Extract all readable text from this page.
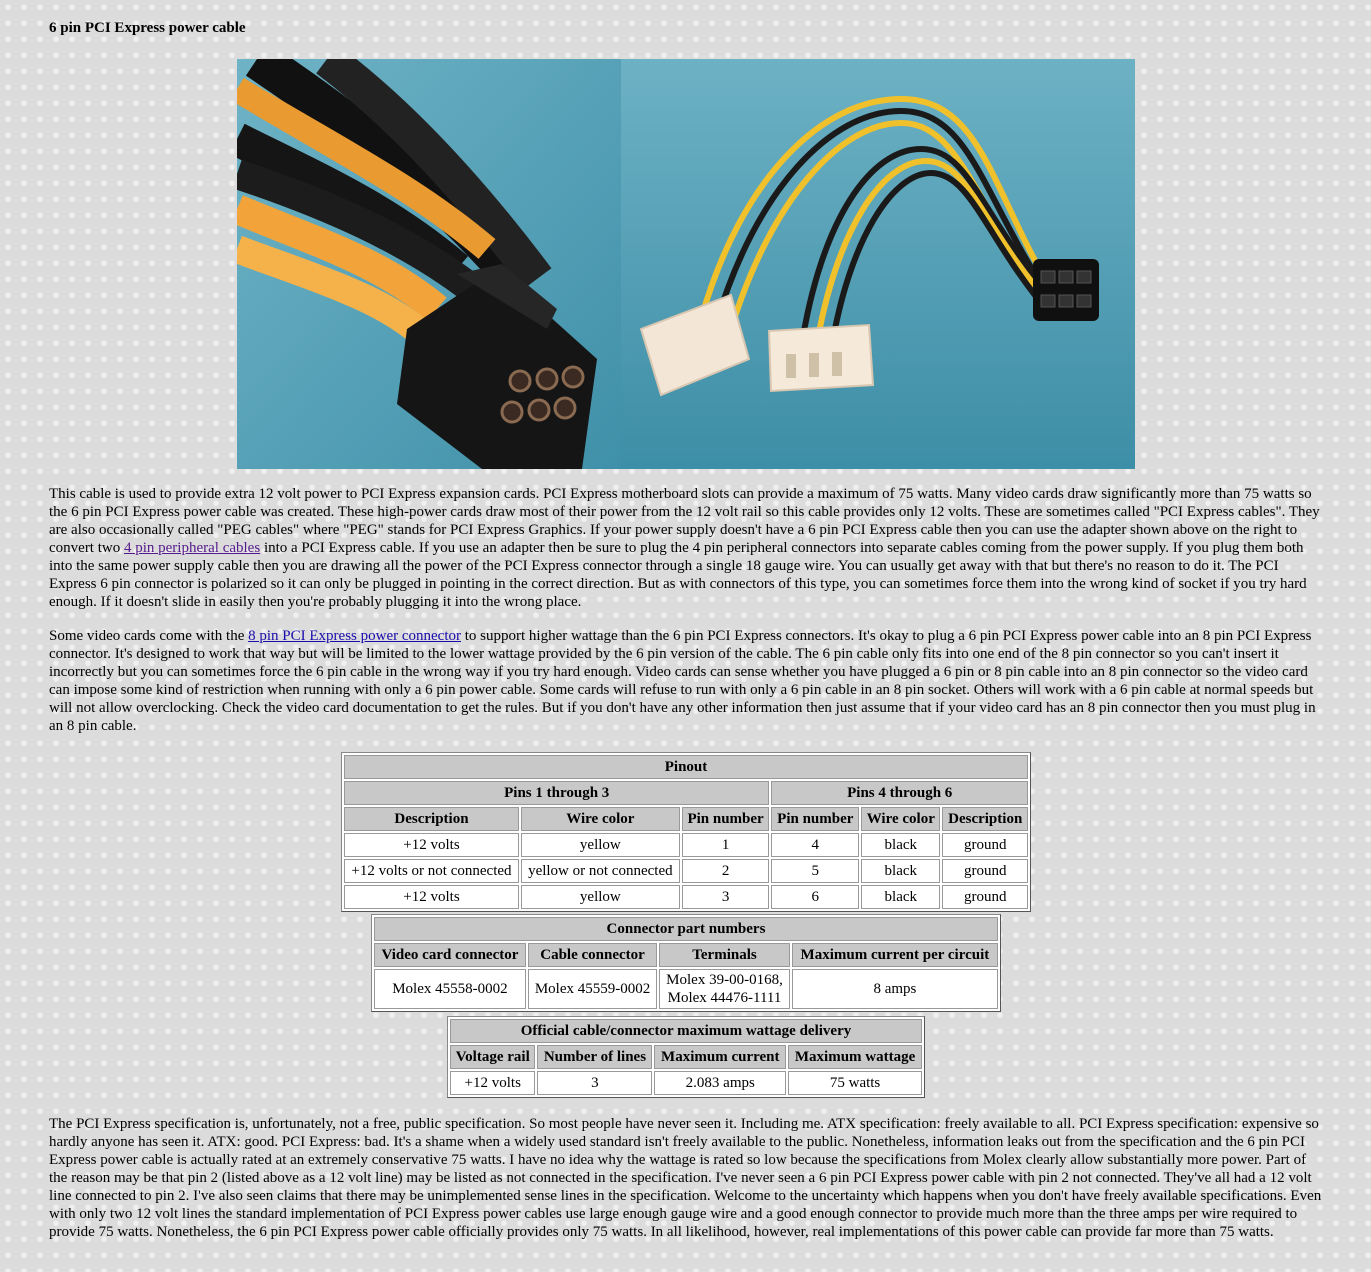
6 pin PCI Express power cable

This cable is used to provide extra 12 volt power to PCI Express expansion cards. PCI Express motherboard slots can provide a maximum of 75 watts. Many video cards draw significantly more than 75 watts so the 6 pin PCI Express power cable was created. These high-power cards draw most of their power from the 12 volt rail so this cable provides only 12 volts. These are sometimes called "PCI Express cables". They are also occasionally called "PEG cables" where "PEG" stands for PCI Express Graphics. If your power supply doesn't have a 6 pin PCI Express cable then you can use the adapter shown above on the right to convert two 4 pin peripheral cables into a PCI Express cable. If you use an adapter then be sure to plug the 4 pin peripheral connectors into separate cables coming from the power supply. If you plug them both into the same power supply cable then you are drawing all the power of the PCI Express connector through a single 18 gauge wire. You can usually get away with that but there's no reason to do it. The PCI Express 6 pin connector is polarized so it can only be plugged in pointing in the correct direction. But as with connectors of this type, you can sometimes force them into the wrong kind of socket if you try hard enough. If it doesn't slide in easily then you're probably plugging it into the wrong place.

Some video cards come with the 8 pin PCI Express power connector to support higher wattage than the 6 pin PCI Express connectors. It's okay to plug a 6 pin PCI Express power cable into an 8 pin PCI Express connector. It's designed to work that way but will be limited to the lower wattage provided by the 6 pin version of the cable. The 6 pin cable only fits into one end of the 8 pin connector so you can't insert it incorrectly but you can sometimes force the 6 pin cable in the wrong way if you try hard enough. Video cards can sense whether you have plugged a 6 pin or 8 pin cable into an 8 pin connector so the video card can impose some kind of restriction when running with only a 6 pin power cable. Some cards will refuse to run with only a 6 pin cable in an 8 pin socket. Others will work with a 6 pin cable at normal speeds but will not allow overclocking. Check the video card documentation to get the rules. But if you don't have any other information then just assume that if your video card has an 8 pin connector then you must plug in an 8 pin cable.

Pinout					
Pins 1 through 3			Pins 4 through 6		
Description	Wire color	Pin number	Pin number	Wire color	Description
+12 volts	yellow	1	4	black	ground
+12 volts or not connected	yellow or not connected	2	5	black	ground
+12 volts	yellow	3	6	black	ground
Connector part numbers			
Video card connector	Cable connector	Terminals	Maximum current per circuit
Molex 45558-0002	Molex 45559-0002	Molex 39-00-0168,
Molex 44476-1111	8 amps
Official cable/connector maximum wattage delivery			
Voltage rail	Number of lines	Maximum current	Maximum wattage
+12 volts	3	2.083 amps	75 watts

The PCI Express specification is, unfortunately, not a free, public specification. So most people have never seen it. Including me. ATX specification: freely available to all. PCI Express specification: expensive so hardly anyone has seen it. ATX: good. PCI Express: bad. It's a shame when a widely used standard isn't freely available to the public. Nonetheless, information leaks out from the specification and the 6 pin PCI Express power cable is actually rated at an extremely conservative 75 watts. I have no idea why the wattage is rated so low because the specifications from Molex clearly allow substantially more power. Part of the reason may be that pin 2 (listed above as a 12 volt line) may be listed as not connected in the specification. I've never seen a 6 pin PCI Express power cable with pin 2 not connected. They've all had a 12 volt line connected to pin 2. I've also seen claims that there may be unimplemented sense lines in the specification. Welcome to the uncertainty which happens when you don't have freely available specifications. Even with only two 12 volt lines the standard implementation of PCI Express power cables use large enough gauge wire and a good enough connector to provide much more than the three amps per wire required to provide 75 watts. Nonetheless, the 6 pin PCI Express power cable officially provides only 75 watts. In all likelihood, however, real implementations of this power cable can provide far more than 75 watts.
